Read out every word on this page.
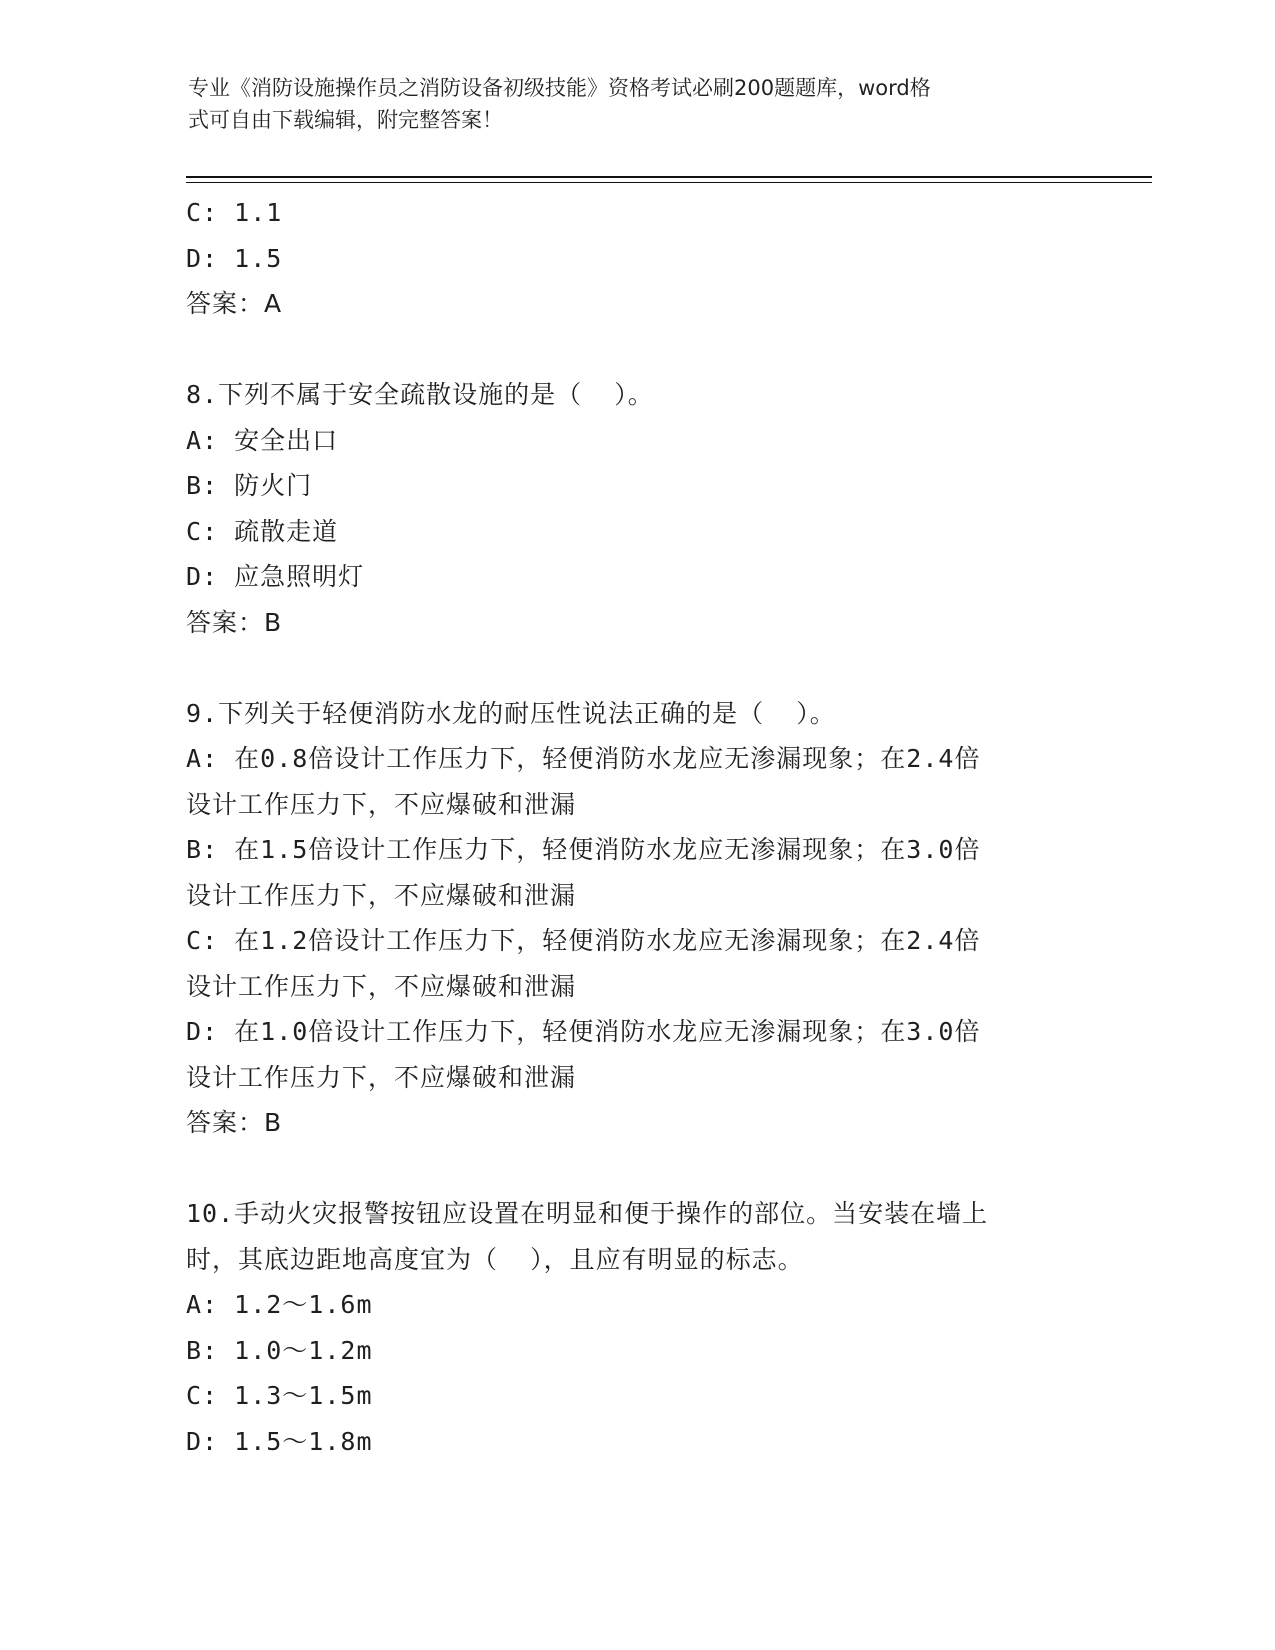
专业《消防设施操作员之消防设备初级技能》资格考试必刷200题题库，word格
式可自由下载编辑，附完整答案！
C: 1.1
D: 1.5
答案：A
8.下列不属于安全疏散设施的是（  ）。
A: 安全出口
B: 防火门
C: 疏散走道
D: 应急照明灯
答案：B
9.下列关于轻便消防水龙的耐压性说法正确的是（  ）。
A: 在0.8倍设计工作压力下，轻便消防水龙应无渗漏现象；在2.4倍
设计工作压力下，不应爆破和泄漏
B: 在1.5倍设计工作压力下，轻便消防水龙应无渗漏现象；在3.0倍
设计工作压力下，不应爆破和泄漏
C: 在1.2倍设计工作压力下，轻便消防水龙应无渗漏现象；在2.4倍
设计工作压力下，不应爆破和泄漏
D: 在1.0倍设计工作压力下，轻便消防水龙应无渗漏现象；在3.0倍
设计工作压力下，不应爆破和泄漏
答案：B
10.手动火灾报警按钮应设置在明显和便于操作的部位。当安装在墙上
时，其底边距地高度宜为（  ），且应有明显的标志。
A: 1.2～1.6m
B: 1.0～1.2m
C: 1.3～1.5m
D: 1.5～1.8m
